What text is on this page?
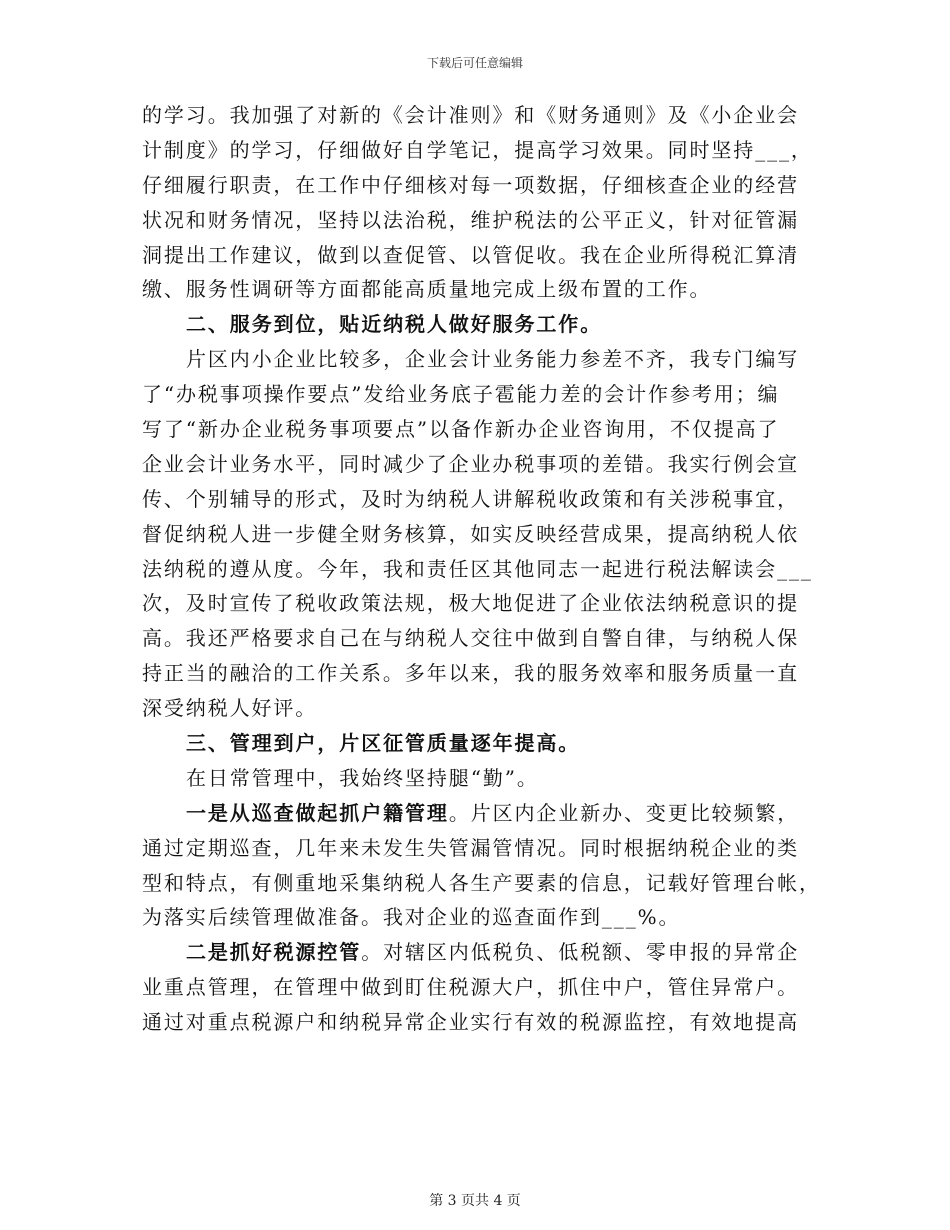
下载后可任意编辑
的学习。我加强了对新的《会计准则》和《财务通则》及《小企业会
计制度》的学习，仔细做好自学笔记，提高学习效果。同时坚持___，
仔细履行职责，在工作中仔细核对每一项数据，仔细核查企业的经营
状况和财务情况，坚持以法治税，维护税法的公平正义，针对征管漏
洞提出工作建议，做到以查促管、以管促收。我在企业所得税汇算清
缴、服务性调研等方面都能高质量地完成上级布置的工作。
二、服务到位，贴近纳税人做好服务工作。
片区内小企业比较多，企业会计业务能力参差不齐，我专门编写
了“办税事项操作要点”发给业务底子雹能力差的会计作参考用；编
写了“新办企业税务事项要点”以备作新办企业咨询用，不仅提高了
企业会计业务水平，同时减少了企业办税事项的差错。我实行例会宣
传、个别辅导的形式，及时为纳税人讲解税收政策和有关涉税事宜，
督促纳税人进一步健全财务核算，如实反映经营成果，提高纳税人依
法纳税的遵从度。今年，我和责任区其他同志一起进行税法解读会___
次，及时宣传了税收政策法规，极大地促进了企业依法纳税意识的提
高。我还严格要求自己在与纳税人交往中做到自警自律，与纳税人保
持正当的融洽的工作关系。多年以来，我的服务效率和服务质量一直
深受纳税人好评。
三、管理到户，片区征管质量逐年提高。
在日常管理中，我始终坚持腿“勤”。
一是从巡查做起抓户籍管理。片区内企业新办、变更比较频繁，
通过定期巡查，几年来未发生失管漏管情况。同时根据纳税企业的类
型和特点，有侧重地采集纳税人各生产要素的信息，记载好管理台帐，
为落实后续管理做准备。我对企业的巡查面作到___%。
二是抓好税源控管。对辖区内低税负、低税额、零申报的异常企
业重点管理，在管理中做到盯住税源大户，抓住中户，管住异常户。
通过对重点税源户和纳税异常企业实行有效的税源监控，有效地提高
第 3 页共 4 页
